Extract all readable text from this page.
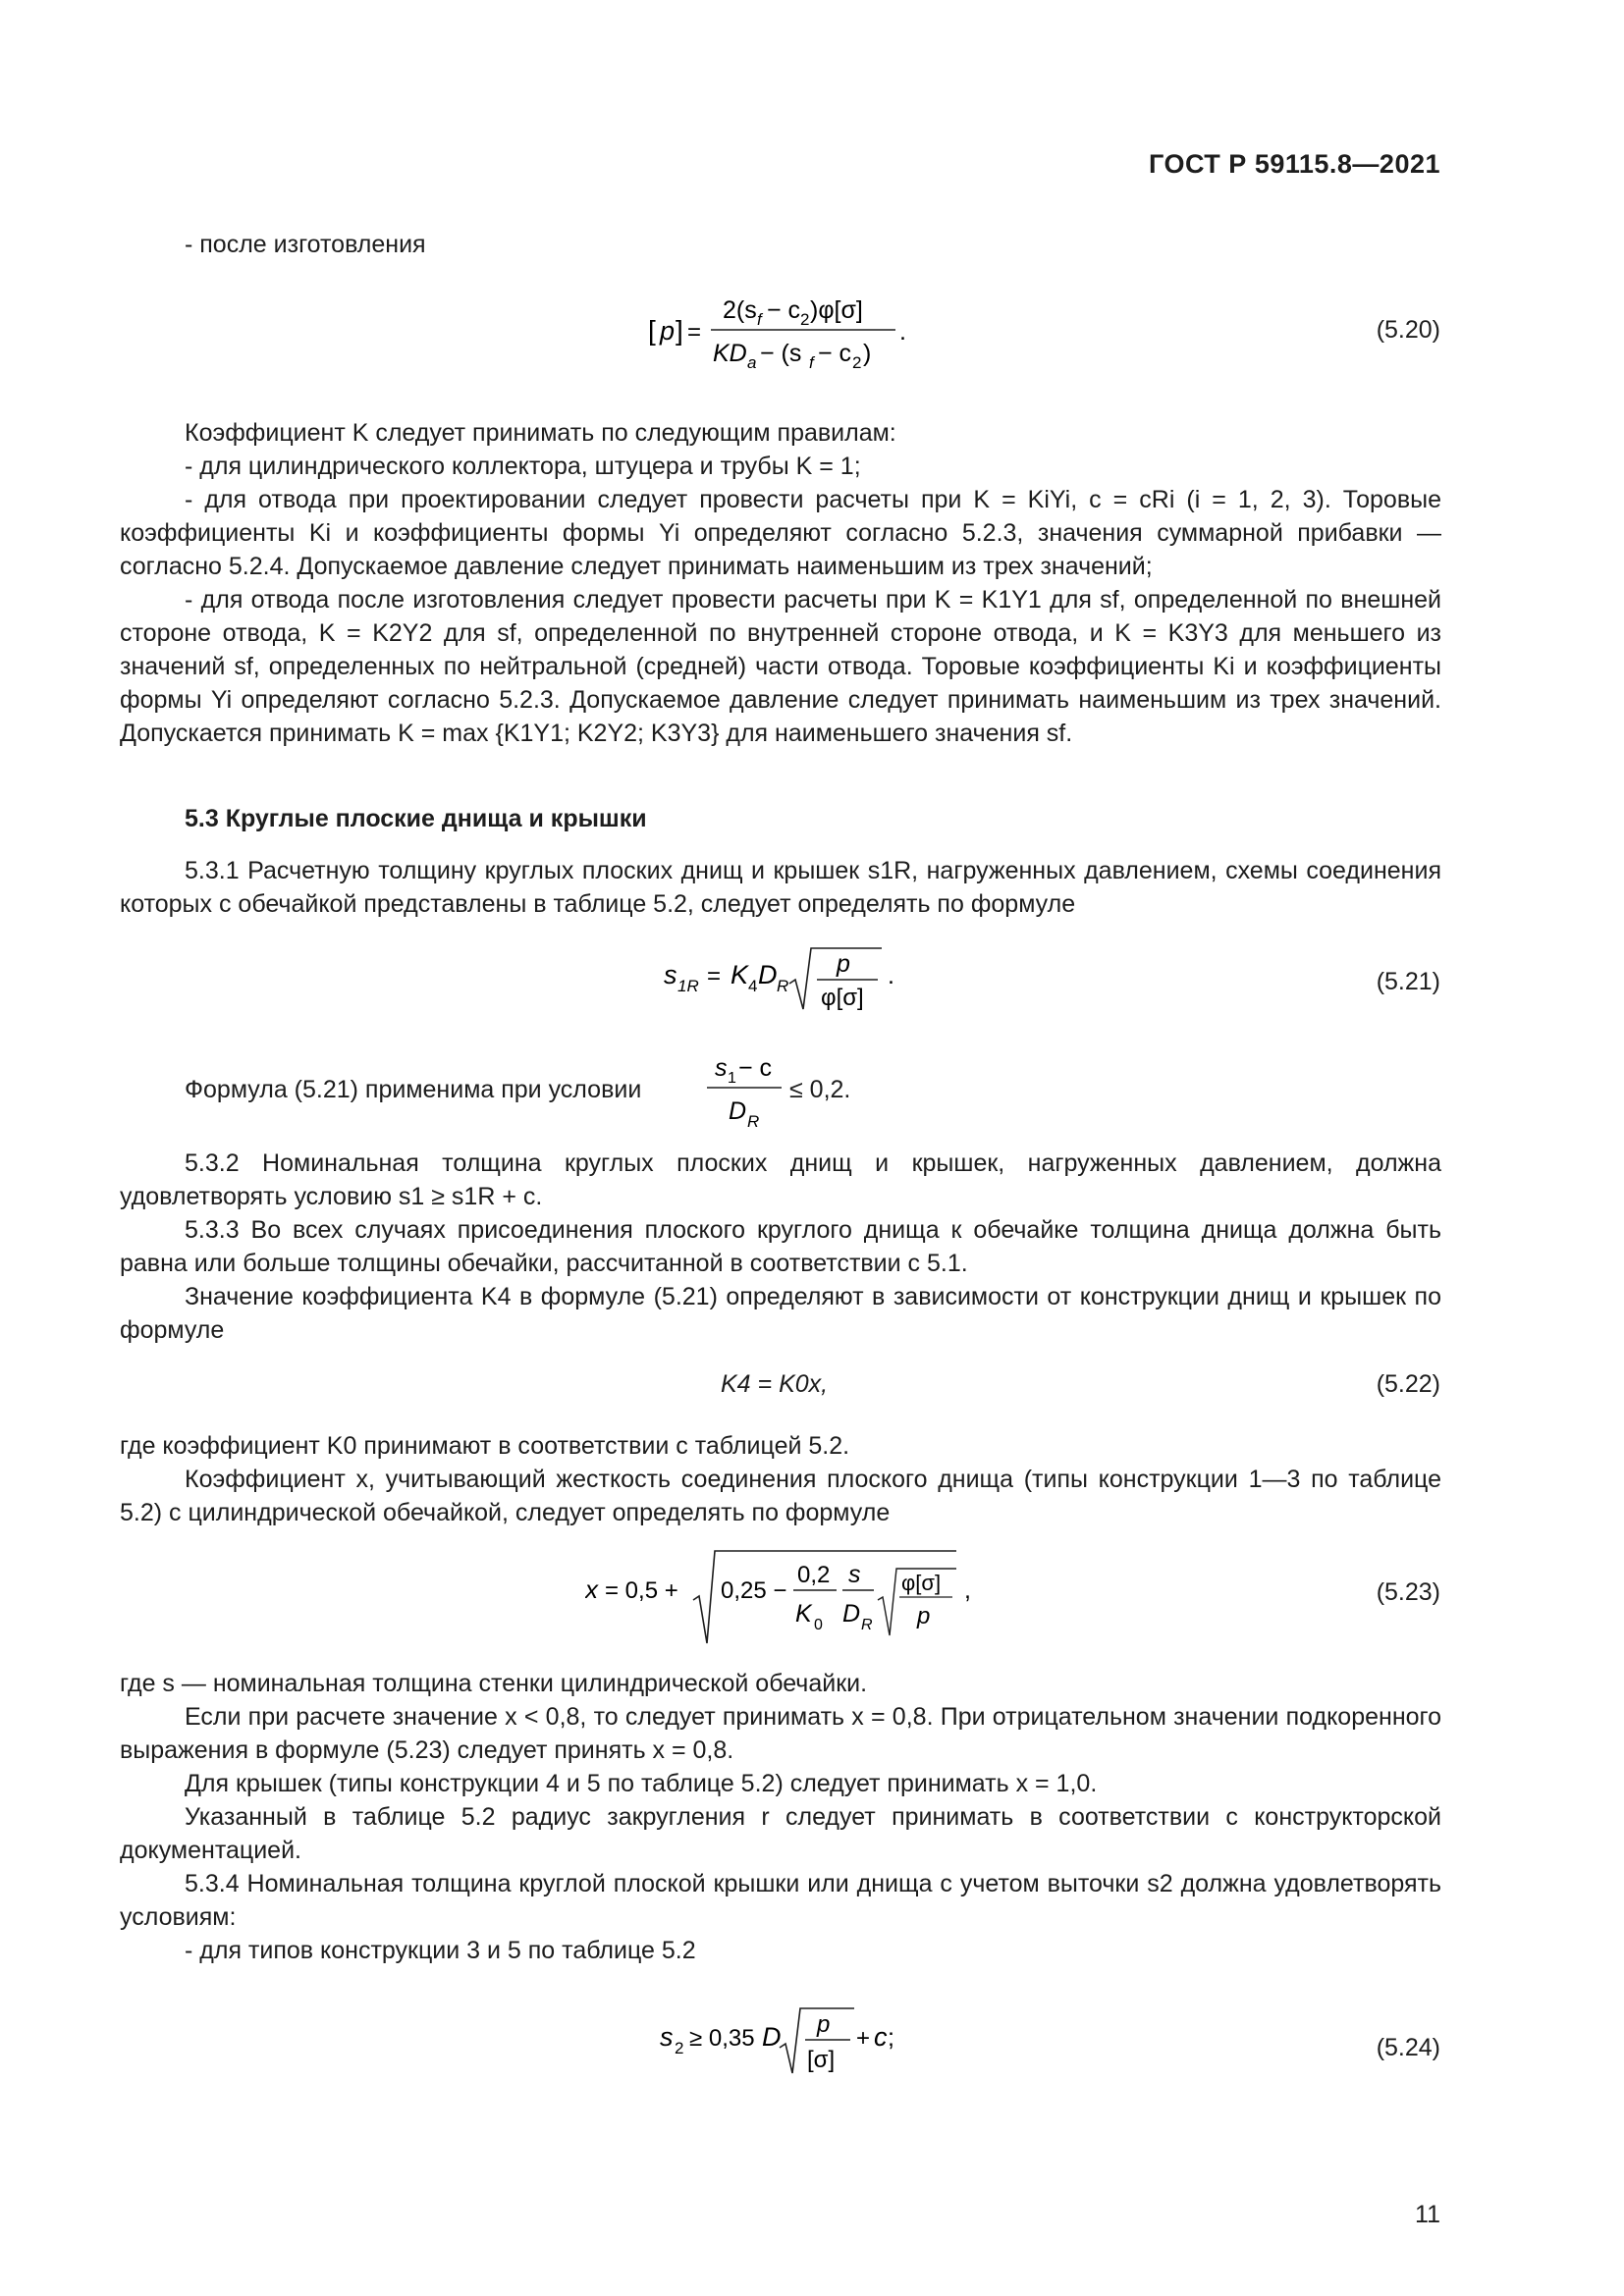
ГОСТ Р 59115.8—2021
- после изготовления
[ p ] =
2(s f − c 2 )φ[σ]
KD a − (s f − c 2 )
.	(5.20)
Коэффициент K следует принимать по следующим правилам:
- для цилиндрического коллектора, штуцера и трубы K = 1;
- для отвода при проектировании следует провести расчеты при K = KiYi, c = cRi (i = 1, 2, 3). Торовые коэффициенты Ki и коэффициенты формы Yi определяют согласно 5.2.3, значения суммарной прибавки — согласно 5.2.4. Допускаемое давление следует принимать наименьшим из трех значений;
- для отвода после изготовления следует провести расчеты при K = K1Y1 для sf, определенной по внешней стороне отвода, K = K2Y2 для sf, определенной по внутренней стороне отвода, и K = K3Y3 для меньшего из значений sf, определенных по нейтральной (средней) части отвода. Торовые коэффициенты Ki и коэффициенты формы Yi определяют согласно 5.2.3. Допускаемое давление следует принимать наименьшим из трех значений. Допускается принимать K = max {K1Y1; K2Y2; K3Y3} для наименьшего значения sf.
5.3 Круглые плоские днища и крышки
5.3.1 Расчетную толщину круглых плоских днищ и крышек s1R, нагруженных давлением, схемы соединения которых с обечайкой представлены в таблице 5.2, следует определять по формуле
s 1R = K 4 D R
p
φ[σ]
.	(5.21)
Формула (5.21) применима при условии
s 1 − c
D R
≤ 0,2.
5.3.2 Номинальная толщина круглых плоских днищ и крышек, нагруженных давлением, должна удовлетворять условию s1 ≥ s1R + c.
5.3.3 Во всех случаях присоединения плоского круглого днища к обечайке толщина днища должна быть равна или больше толщины обечайки, рассчитанной в соответствии с 5.1.
Значение коэффициента K4 в формуле (5.21) определяют в зависимости от конструкции днищ и крышек по формуле
K4 = K0x,	(5.22)
где коэффициент K0 принимают в соответствии с таблицей 5.2.
Коэффициент x, учитывающий жесткость соединения плоского днища (типы конструкции 1—3 по таблице 5.2) с цилиндрической обечайкой, следует определять по формуле
x = 0,5 + 0,25 −
0,2
K 0
s
D R
φ[σ]
p
,	(5.23)
где s — номинальная толщина стенки цилиндрической обечайки.
Если при расчете значение x < 0,8, то следует принимать x = 0,8. При отрицательном значении подкоренного выражения в формуле (5.23) следует принять x = 0,8.
Для крышек (типы конструкции 4 и 5 по таблице 5.2) следует принимать x = 1,0.
Указанный в таблице 5.2 радиус закругления r следует принимать в соответствии с конструкторской документацией.
5.3.4 Номинальная толщина круглой плоской крышки или днища с учетом выточки s2 должна удовлетворять условиям:
- для типов конструкции 3 и 5 по таблице 5.2
s 2 ≥ 0,35 D p
[σ]
+ c ;	(5.24)
11
